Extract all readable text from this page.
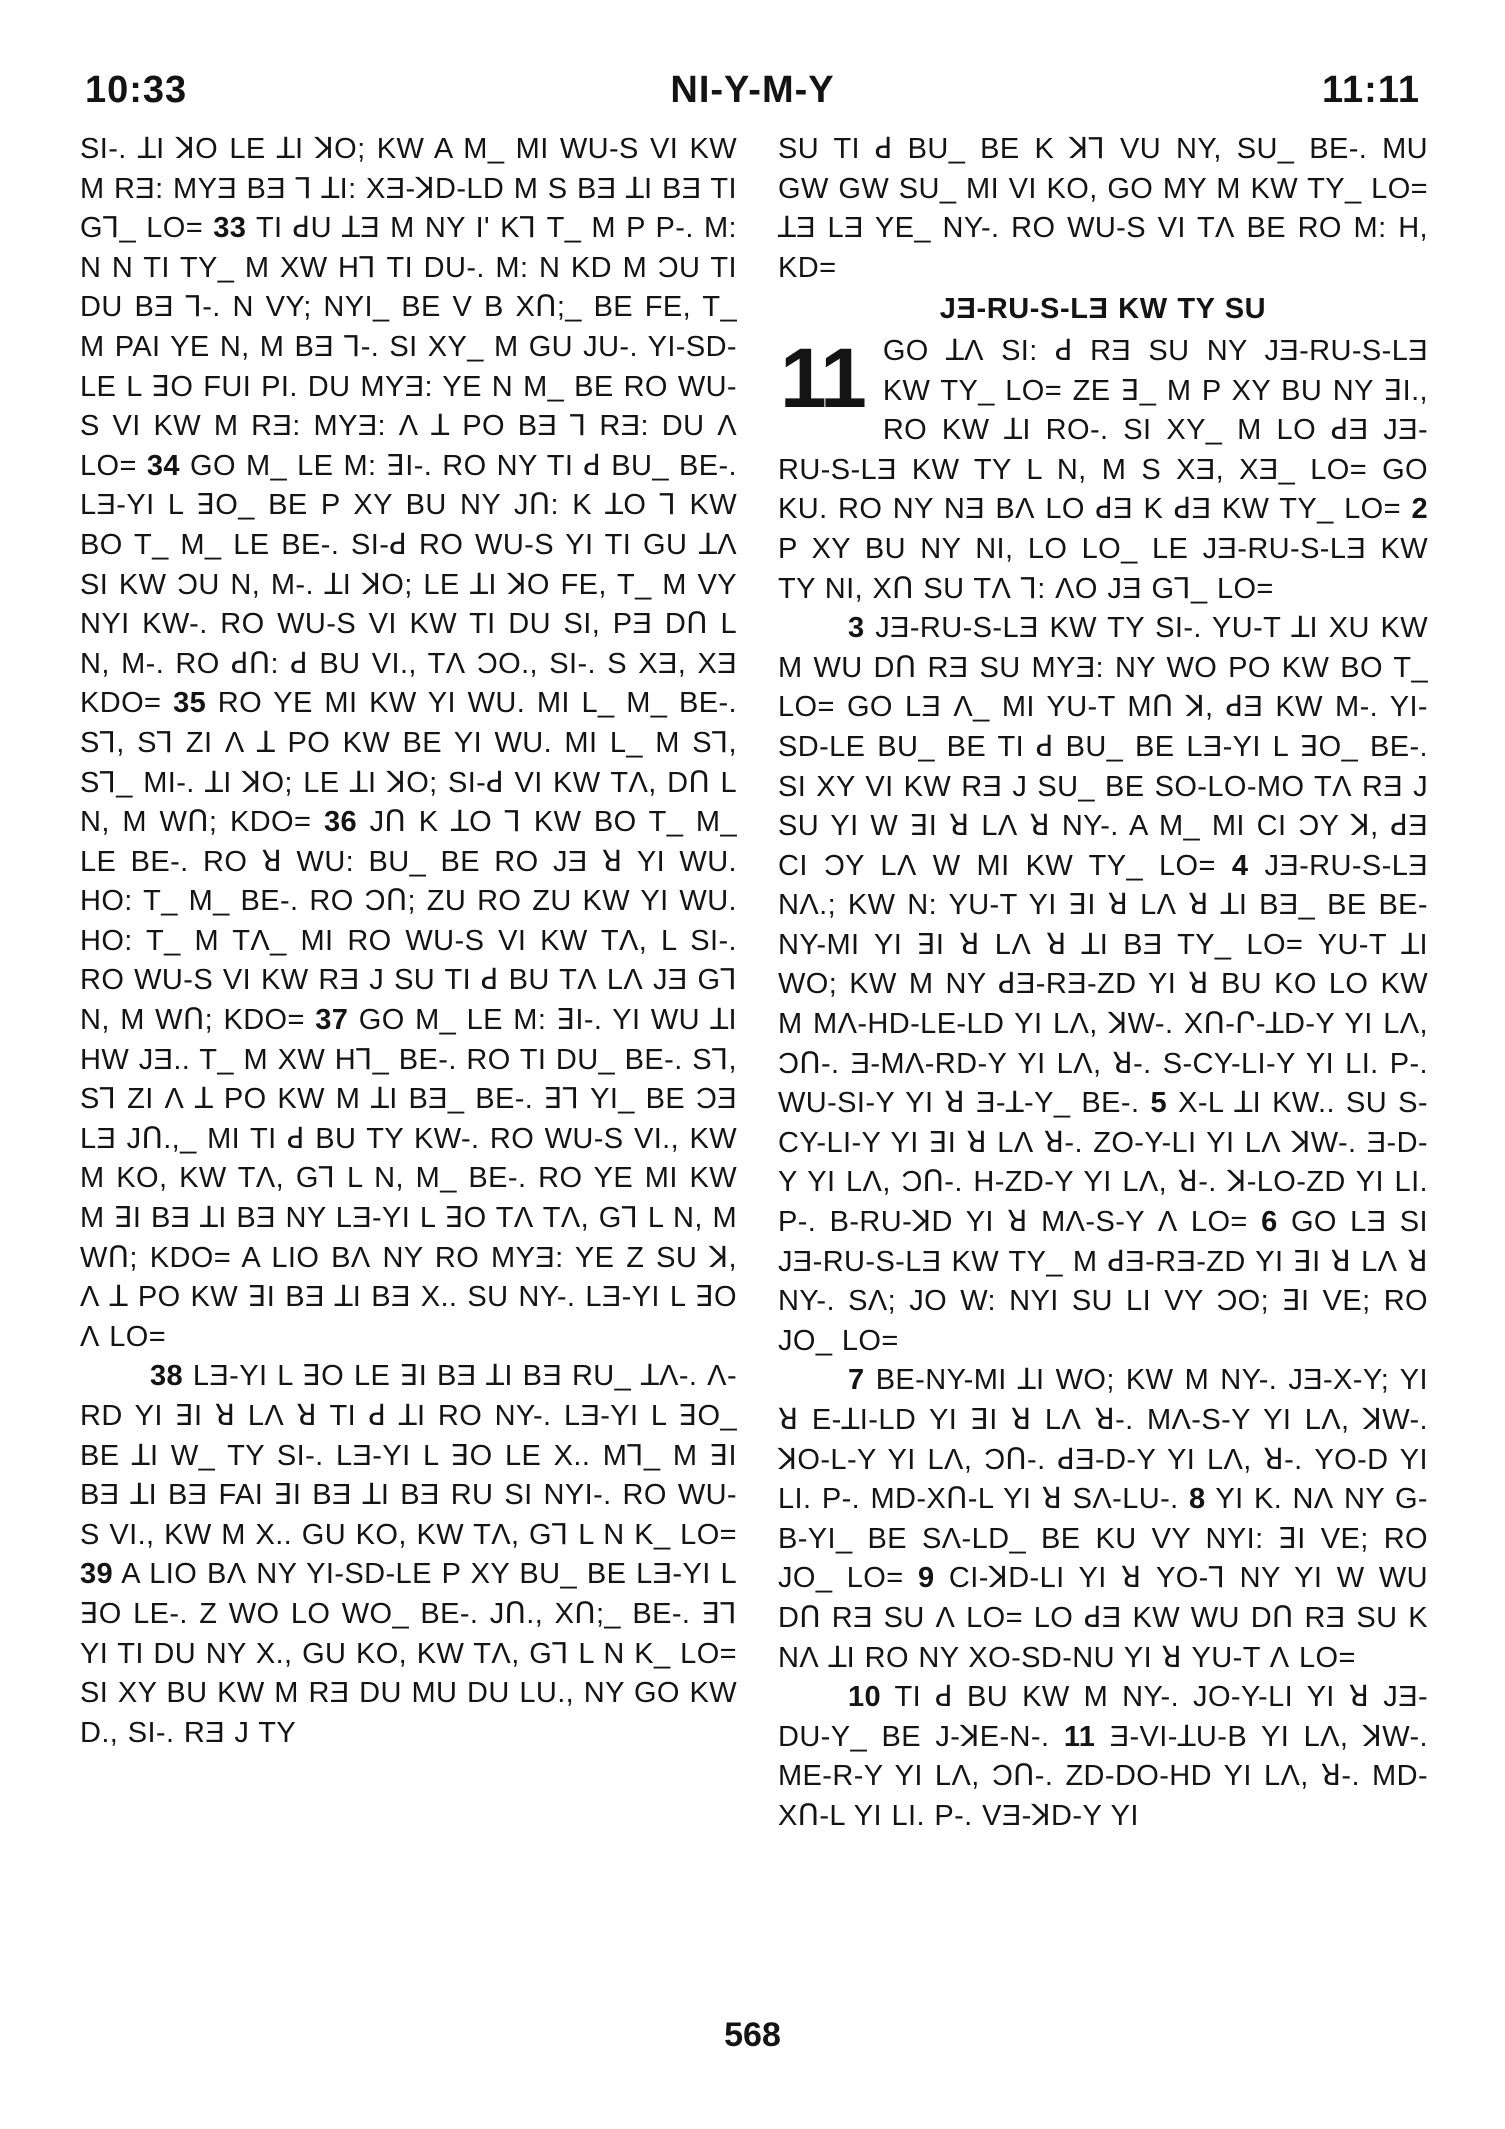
10:33	NI-Y-M-Y	11:11

SI-. ꓕI ꓘO LE ꓕI ꓘO; KW A M_ MI WU-S VI KW M RƎ: MYƎ BƎ ꓶ ꓕI: XƎ-ꓘD-LD M S BƎ ꓕI BƎ TI Gꓶ_ LO= 33 TI ꓒU ꓕƎ M NY I' Kꓶ T_ M P P-. M: N N TI TY_ M XW Hꓶ TI DU-. M: N KD M ƆU TI DU BƎ ꓶ-. N VY; NYI_ BE V B XՈ;_ BE FE, T_ M PAI YE N, M BƎ ꓶ-. SI XY_ M GU JU-. YI-SD-LE L ꓱO FUI PI. DU MYƎ: YE N M_ BE RO WU-S VI KW M RƎ: MYƎ: Ʌ ꓕ PO BƎ ꓶ RƎ: DU Ʌ LO= 34 GO M_ LE M: ꓱI-. RO NY TI ꓒ BU_ BE-. LƎ-YI L ꓱO_ BE P XY BU NY JՈ: K ꓕO ꓶ KW BO T_ M_ LE BE-. SI-ꓒ RO WU-S YI TI GU ꓕɅ SI KW ƆU N, M-. ꓕI ꓘO; LE ꓕI ꓘO FE, T_ M VY NYI KW-. RO WU-S VI KW TI DU SI, PƎ DՈ L N, M-. RO ꓒՈ: ꓒ BU VI., TɅ ƆO., SI-. S XƎ, XƎ KDO= 35 RO YE MI KW YI WU. MI L_ M_ BE-. Sꓶ, Sꓶ ZI Ʌ ꓕ PO KW BE YI WU. MI L_ M Sꓶ, Sꓶ_ MI-. ꓕI ꓘO; LE ꓕI ꓘO; SI-ꓒ VI KW TɅ, DՈ L N, M WՈ; KDO= 36 JՈ K ꓕO ꓶ KW BO T_ M_ LE BE-. RO ꓤ WU: BU_ BE RO JƎ ꓤ YI WU. HO: T_ M_ BE-. RO ƆՈ; ZU RO ZU KW YI WU. HO: T_ M TɅ_ MI RO WU-S VI KW TɅ, L SI-. RO WU-S VI KW RƎ J SU TI ꓒ BU TɅ LɅ JƎ Gꓶ N, M WՈ; KDO= 37 GO M_ LE M: ꓱI-. YI WU ꓕI HW JƎ.. T_ M XW Hꓶ_ BE-. RO TI DU_ BE-. Sꓶ, Sꓶ ZI Ʌ ꓕ PO KW M ꓕI BƎ_ BE-. ꓱꓶ YI_ BE ƆƎ LƎ JՈ.,_ MI TI ꓒ BU TY KW-. RO WU-S VI., KW M KO, KW TɅ, Gꓶ L N, M_ BE-. RO YE MI KW M ꓱI BƎ ꓕI BƎ NY LƎ-YI L ꓱO TɅ TɅ, Gꓶ L N, M WՈ; KDO= A LIO BɅ NY RO MYƎ: YE Z SU ꓘ, Ʌ ꓕ PO KW ꓱI BƎ ꓕI BƎ X.. SU NY-. LƎ-YI L ꓱO Ʌ LO=

38 LƎ-YI L ꓱO LE ꓱI BƎ ꓕI BƎ RU_ ꓕɅ-. Ʌ-RD YI ꓱI ꓤ LɅ ꓤ TI ꓒ ꓕI RO NY-. LƎ-YI L ꓱO_ BE ꓕI W_ TY SI-. LƎ-YI L ꓱO LE X.. Mꓶ_ M ꓱI BƎ ꓕI BƎ FAI ꓱI BƎ ꓕI BƎ RU SI NYI-. RO WU-S VI., KW M X.. GU KO, KW TɅ, Gꓶ L N K_ LO= 39 A LIO BɅ NY YI-SD-LE P XY BU_ BE LƎ-YI L ꓱO LE-. Z WO LO WO_ BE-. JՈ., XՈ;_ BE-. ꓱꓶ YI TI DU NY X., GU KO, KW TɅ, Gꓶ L N K_ LO= SI XY BU KW M RƎ DU MU DU LU., NY GO KW D., SI-. RƎ J TY

SU TI ꓒ BU_ BE K ꓘꓶ VU NY, SU_ BE-. MU GW GW SU_ MI VI KO, GO MY M KW TY_ LO= ꓕƎ LƎ YE_ NY-. RO WU-S VI TɅ BE RO M: H, KD=

JƎ-RU-S-LƎ KW TY SU
11 GO ꓕɅ SI: ꓒ RƎ SU NY JƎ-RU-S-LƎ KW TY_ LO= ZE ꓱ_ M P XY BU NY ꓱI., RO KW ꓕI RO-. SI XY_ M LO ꓒƎ JƎ-RU-S-LƎ KW TY L N, M S XƎ, XƎ_ LO= GO KU. RO NY NƎ BɅ LO ꓒƎ K ꓒƎ KW TY_ LO= 2 P XY BU NY NI, LO LO_ LE JƎ-RU-S-LƎ KW TY NI, XՈ SU TɅ ꓶ: ɅO JƎ Gꓶ_ LO=

3 JƎ-RU-S-LƎ KW TY SI-. YU-T ꓕI XU KW M WU DՈ RƎ SU MYƎ: NY WO PO KW BO T_ LO= GO LƎ Ʌ_ MI YU-T MՈ ꓘ, ꓒƎ KW M-. YI-SD-LE BU_ BE TI ꓒ BU_ BE LƎ-YI L ꓱO_ BE-. SI XY VI KW RƎ J SU_ BE SO-LO-MO TɅ RƎ J SU YI W ꓱI ꓤ LɅ ꓤ NY-. A M_ MI CI ƆY ꓘ, ꓒƎ CI ƆY LɅ W MI KW TY_ LO= 4 JƎ-RU-S-LƎ NɅ.; KW N: YU-T YI ꓱI ꓤ LɅ ꓤ ꓕI BƎ_ BE BE-NY-MI YI ꓱI ꓤ LɅ ꓤ ꓕI BƎ TY_ LO= YU-T ꓕI WO; KW M NY ꓒƎ-RƎ-ZD YI ꓤ BU KO LO KW M MɅ-HD-LE-LD YI LɅ, ꓘW-. XՈ-Ր-ꓕD-Y YI LɅ, ƆՈ-. Ǝ-MɅ-RD-Y YI LɅ, ꓤ-. S-CY-LI-Y YI LI. P-. WU-SI-Y YI ꓤ Ǝ-ꓕ-Y_ BE-. 5 X-L ꓕI KW.. SU S-CY-LI-Y YI ꓱI ꓤ LɅ ꓤ-. ZO-Y-LI YI LɅ ꓘW-. Ǝ-D-Y YI LɅ, ƆՈ-. H-ZD-Y YI LɅ, ꓤ-. ꓘ-LO-ZD YI LI. P-. B-RU-ꓘD YI ꓤ MɅ-S-Y Ʌ LO= 6 GO LƎ SI JƎ-RU-S-LƎ KW TY_ M ꓒƎ-RƎ-ZD YI ꓱI ꓤ LɅ ꓤ NY-. SɅ; JO W: NYI SU LI VY ƆO; ꓱI VE; RO JO_ LO=

7 BE-NY-MI ꓕI WO; KW M NY-. JƎ-X-Y; YI ꓤ E-ꓕI-LD YI ꓱI ꓤ LɅ ꓤ-. MɅ-S-Y YI LɅ, ꓘW-. ꓘO-L-Y YI LɅ, ƆՈ-. ꓒƎ-D-Y YI LɅ, ꓤ-. YO-D YI LI. P-. MD-XՈ-L YI ꓤ SɅ-LU-. 8 YI K. NɅ NY G-B-YI_ BE SɅ-LD_ BE KU VY NYI: ꓱI VE; RO JO_ LO= 9 CI-ꓘD-LI YI ꓤ YO-ꓶ NY YI W WU DՈ RƎ SU Ʌ LO= LO ꓒƎ KW WU DՈ RƎ SU K NɅ ꓕI RO NY XO-SD-NU YI ꓤ YU-T Ʌ LO=

10 TI ꓒ BU KW M NY-. JO-Y-LI YI ꓤ JƎ-DU-Y_ BE J-ꓘE-N-. 11 Ǝ-VI-ꓕU-B YI LɅ, ꓘW-. ME-R-Y YI LɅ, ƆՈ-. ZD-DO-HD YI LɅ, ꓤ-. MD-XՈ-L YI LI. P-. VƎ-ꓘD-Y YI

568
